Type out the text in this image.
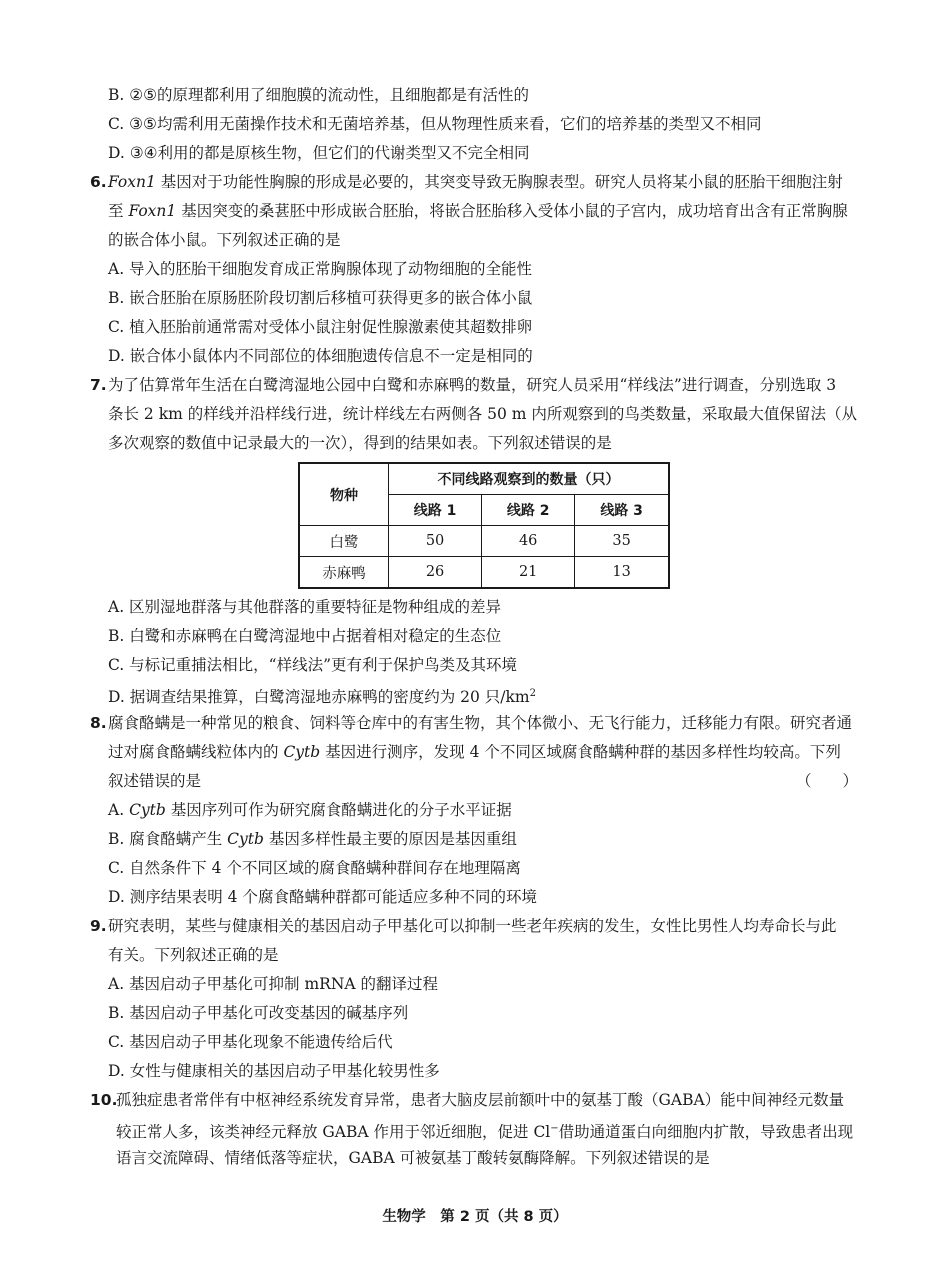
B. ②⑤的原理都利用了细胞膜的流动性，且细胞都是有活性的
C. ③⑤均需利用无菌操作技术和无菌培养基，但从物理性质来看，它们的培养基的类型又不相同
D. ③④利用的都是原核生物，但它们的代谢类型又不完全相同
6. Foxn1 基因对于功能性胸腺的形成是必要的，其突变导致无胸腺表型。研究人员将某小鼠的胚胎干细胞注射
至 Foxn1 基因突变的桑葚胚中形成嵌合胚胎，将嵌合胚胎移入受体小鼠的子宫内，成功培育出含有正常胸腺
的嵌合体小鼠。下列叙述正确的是
A. 导入的胚胎干细胞发育成正常胸腺体现了动物细胞的全能性
B. 嵌合胚胎在原肠胚阶段切割后移植可获得更多的嵌合体小鼠
C. 植入胚胎前通常需对受体小鼠注射促性腺激素使其超数排卵
D. 嵌合体小鼠体内不同部位的体细胞遗传信息不一定是相同的
7. 为了估算常年生活在白鹭湾湿地公园中白鹭和赤麻鸭的数量，研究人员采用“样线法”进行调查，分别选取 3
条长 2 km 的样线并沿样线行进，统计样线左右两侧各 50 m 内所观察到的鸟类数量，采取最大值保留法（从
多次观察的数值中记录最大的一次），得到的结果如表。下列叙述错误的是
物种	不同线路观察到的数量（只）		
	线路 1	线路 2	线路 3
白鹭	50	46	35
赤麻鸭	26	21	13
A. 区别湿地群落与其他群落的重要特征是物种组成的差异
B. 白鹭和赤麻鸭在白鹭湾湿地中占据着相对稳定的生态位
C. 与标记重捕法相比，“样线法”更有利于保护鸟类及其环境
D. 据调查结果推算，白鹭湾湿地赤麻鸭的密度约为 20 只$/km^2$
8. 腐食酪螨是一种常见的粮食、饲料等仓库中的有害生物，其个体微小、无飞行能力，迁移能力有限。研究者通
过对腐食酪螨线粒体内的 Cytb 基因进行测序，发现 4 个不同区域腐食酪螨种群的基因多样性均较高。下列
叙述错误的是	（　　）
A. Cytb 基因序列可作为研究腐食酪螨进化的分子水平证据
B. 腐食酪螨产生 Cytb 基因多样性最主要的原因是基因重组
C. 自然条件下 4 个不同区域的腐食酪螨种群间存在地理隔离
D. 测序结果表明 4 个腐食酪螨种群都可能适应多种不同的环境
9. 研究表明，某些与健康相关的基因启动子甲基化可以抑制一些老年疾病的发生，女性比男性人均寿命长与此
有关。下列叙述正确的是
A. 基因启动子甲基化可抑制 mRNA 的翻译过程
B. 基因启动子甲基化可改变基因的碱基序列
C. 基因启动子甲基化现象不能遗传给后代
D. 女性与健康相关的基因启动子甲基化较男性多
10.
孤独症患者常伴有中枢神经系统发育异常，患者大脑皮层前额叶中的氨基丁酸（GABA）能中间神经元数量
较正常人多，该类神经元释放 GABA 作用于邻近细胞，促进 Cl−借助通道蛋白向细胞内扩散，导致患者出现
语言交流障碍、情绪低落等症状，GABA 可被氨基丁酸转氨酶降解。下列叙述错误的是
生物学　第 2 页（共 8 页）
